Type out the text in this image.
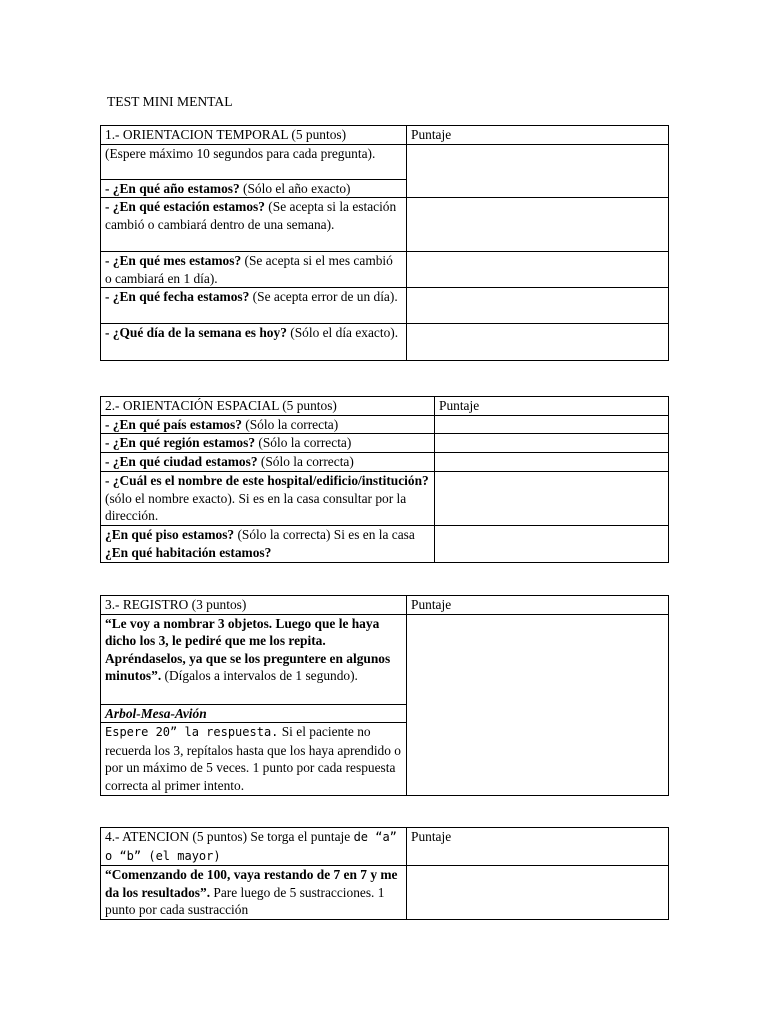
TEST MINI MENTAL
1.- ORIENTACION TEMPORAL (5 puntos)	Puntaje
(Espere máximo 10 segundos para cada pregunta).	
- ¿En qué año estamos? (Sólo el año exacto)	
- ¿En qué estación estamos? (Se acepta si la estación cambió o cambiará dentro de una semana).	
- ¿En qué mes estamos? (Se acepta si el mes cambió o cambiará en 1 día).	
- ¿En qué fecha estamos? (Se acepta error de un día).	
- ¿Qué día de la semana es hoy? (Sólo el día exacto).	
2.- ORIENTACIÓN ESPACIAL (5 puntos)	Puntaje
- ¿En qué país estamos? (Sólo la correcta)	
- ¿En qué región estamos? (Sólo la correcta)	
- ¿En qué ciudad estamos? (Sólo la correcta)	
- ¿Cuál es el nombre de este hospital/edificio/institución? (sólo el nombre exacto). Si es en la casa consultar por la dirección.	
¿En qué piso estamos? (Sólo la correcta) Si es en la casa ¿En qué habitación estamos?	
3.- REGISTRO (3 puntos)	Puntaje
“Le voy a nombrar 3 objetos. Luego que le haya dicho los 3, le pediré que me los repita. Apréndaselos, ya que se los preguntere en algunos minutos”. (Dígalos a intervalos de 1 segundo).	
Arbol-Mesa-Avión	
Espere 20” la respuesta. Si el paciente no recuerda los 3, repítalos hasta que los haya aprendido o por un máximo de 5 veces. 1 punto por cada respuesta correcta al primer intento.	
4.- ATENCION (5 puntos) Se torga el puntaje de “a” o “b” (el mayor)	Puntaje
“Comenzando de 100, vaya restando de 7 en 7 y me da los resultados”. Pare luego de 5 sustracciones. 1 punto por cada sustracción	
